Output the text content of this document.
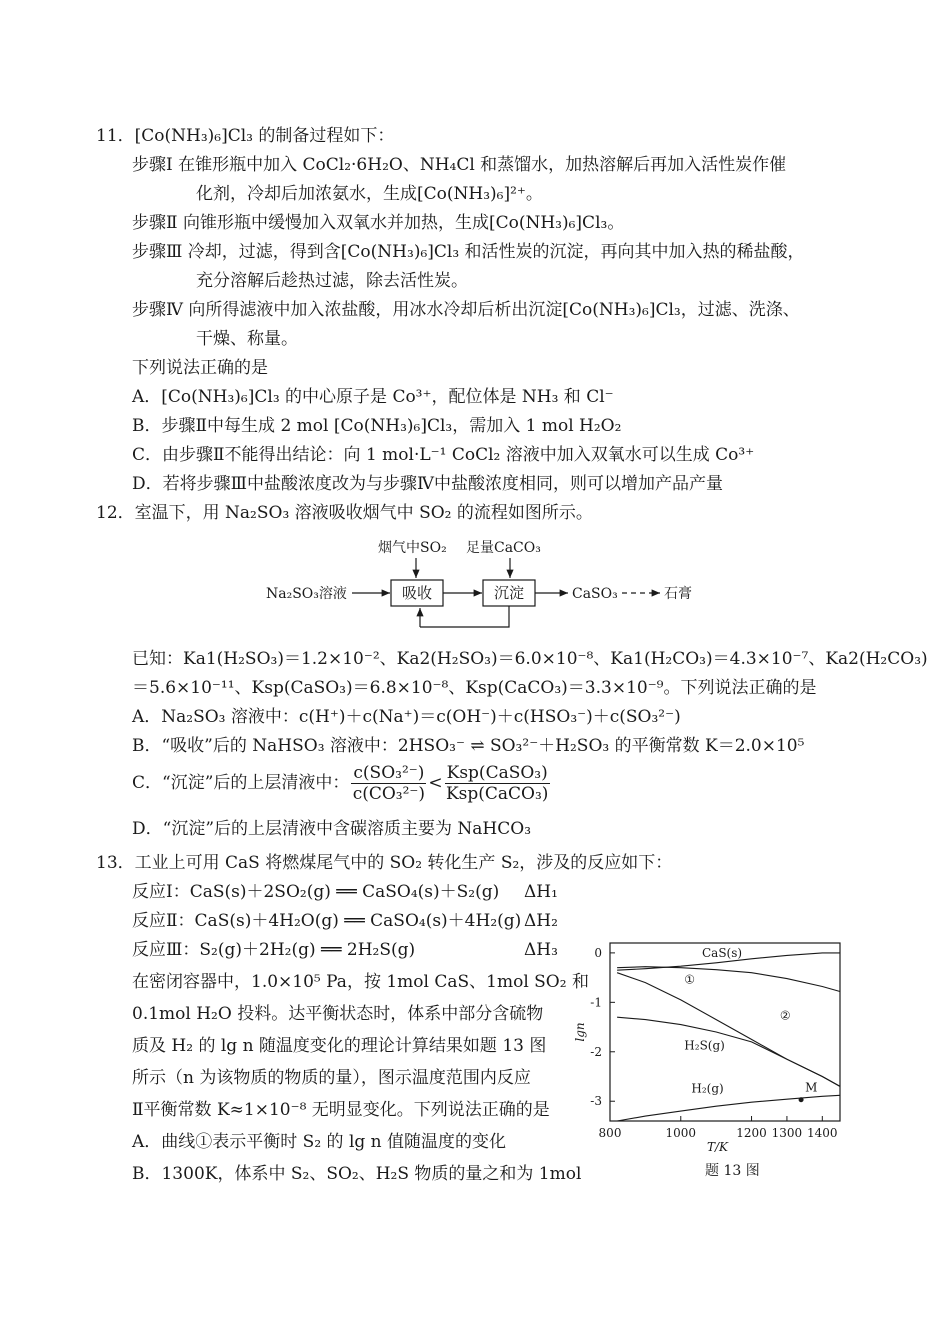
11．[Co(NH₃)₆]Cl₃ 的制备过程如下：
步骤Ⅰ 在锥形瓶中加入 CoCl₂·6H₂O、NH₄Cl 和蒸馏水，加热溶解后再加入活性炭作催
化剂，冷却后加浓氨水，生成[Co(NH₃)₆]²⁺。
步骤Ⅱ 向锥形瓶中缓慢加入双氧水并加热，生成[Co(NH₃)₆]Cl₃。
步骤Ⅲ 冷却，过滤，得到含[Co(NH₃)₆]Cl₃ 和活性炭的沉淀，再向其中加入热的稀盐酸，
充分溶解后趁热过滤，除去活性炭。
步骤Ⅳ 向所得滤液中加入浓盐酸，用冰水冷却后析出沉淀[Co(NH₃)₆]Cl₃，过滤、洗涤、
干燥、称量。
下列说法正确的是
A．[Co(NH₃)₆]Cl₃ 的中心原子是 Co³⁺，配位体是 NH₃ 和 Cl⁻
B．步骤Ⅱ中每生成 2 mol [Co(NH₃)₆]Cl₃，需加入 1 mol H₂O₂
C．由步骤Ⅱ不能得出结论：向 1 mol·L⁻¹ CoCl₂ 溶液中加入双氧水可以生成 Co³⁺
D．若将步骤Ⅲ中盐酸浓度改为与步骤Ⅳ中盐酸浓度相同，则可以增加产品产量
12．室温下，用 Na₂SO₃ 溶液吸收烟气中 SO₂ 的流程如图所示。
烟气中SO₂ 足量CaCO₃
Na₂SO₃溶液	吸收	沉淀	CaSO₃	石膏
已知：Ka1(H₂SO₃)＝1.2×10⁻²、Ka2(H₂SO₃)＝6.0×10⁻⁸、Ka1(H₂CO₃)＝4.3×10⁻⁷、Ka2(H₂CO₃)
＝5.6×10⁻¹¹、Ksp(CaSO₃)＝6.8×10⁻⁸、Ksp(CaCO₃)＝3.3×10⁻⁹。下列说法正确的是
A．Na₂SO₃ 溶液中：c(H⁺)＋c(Na⁺)＝c(OH⁻)＋c(HSO₃⁻)＋c(SO₃²⁻)
B．“吸收”后的 NaHSO₃ 溶液中：2HSO₃⁻ ⇌ SO₃²⁻＋H₂SO₃ 的平衡常数 K＝2.0×10⁵
C．“沉淀”后的上层清液中： $\frac{\text{c(SO₃²⁻)}}{\text{c(CO₃²⁻)}} < \frac{\text{Ksp(CaSO₃)}}{\text{Ksp(CaCO₃)}}$
D．“沉淀”后的上层清液中含碳溶质主要为 NaHCO₃
13．工业上可用 CaS 将燃煤尾气中的 SO₂ 转化生产 S₂，涉及的反应如下：
反应Ⅰ：CaS(s)＋2SO₂(g) ══ CaSO₄(s)＋S₂(g) ΔH₁
反应Ⅱ：CaS(s)＋4H₂O(g) ══ CaSO₄(s)＋4H₂(g) ΔH₂
反应Ⅲ：S₂(g)＋2H₂(g) ══ 2H₂S(g)	ΔH₃
在密闭容器中，1.0×10⁵ Pa，按 1mol CaS、1mol SO₂ 和
0.1mol H₂O 投料。达平衡状态时，体系中部分含硫物
质及 H₂ 的 lg n 随温度变化的理论计算结果如题 13 图
所示（n 为该物质的物质的量），图示温度范围内反应
Ⅱ平衡常数 K≈1×10⁻⁸ 无明显变化。下列说法正确的是
A．曲线①表示平衡时 S₂ 的 lg n 值随温度的变化
B．1300K，体系中 S₂、SO₂、H₂S 物质的量之和为 1mol
800	1000	1200 1300 1400
0
-1
-2
-3
T/K
lgn
CaS(s)
①
②
H₂S(g)
H₂(g)	M
题 13 图
